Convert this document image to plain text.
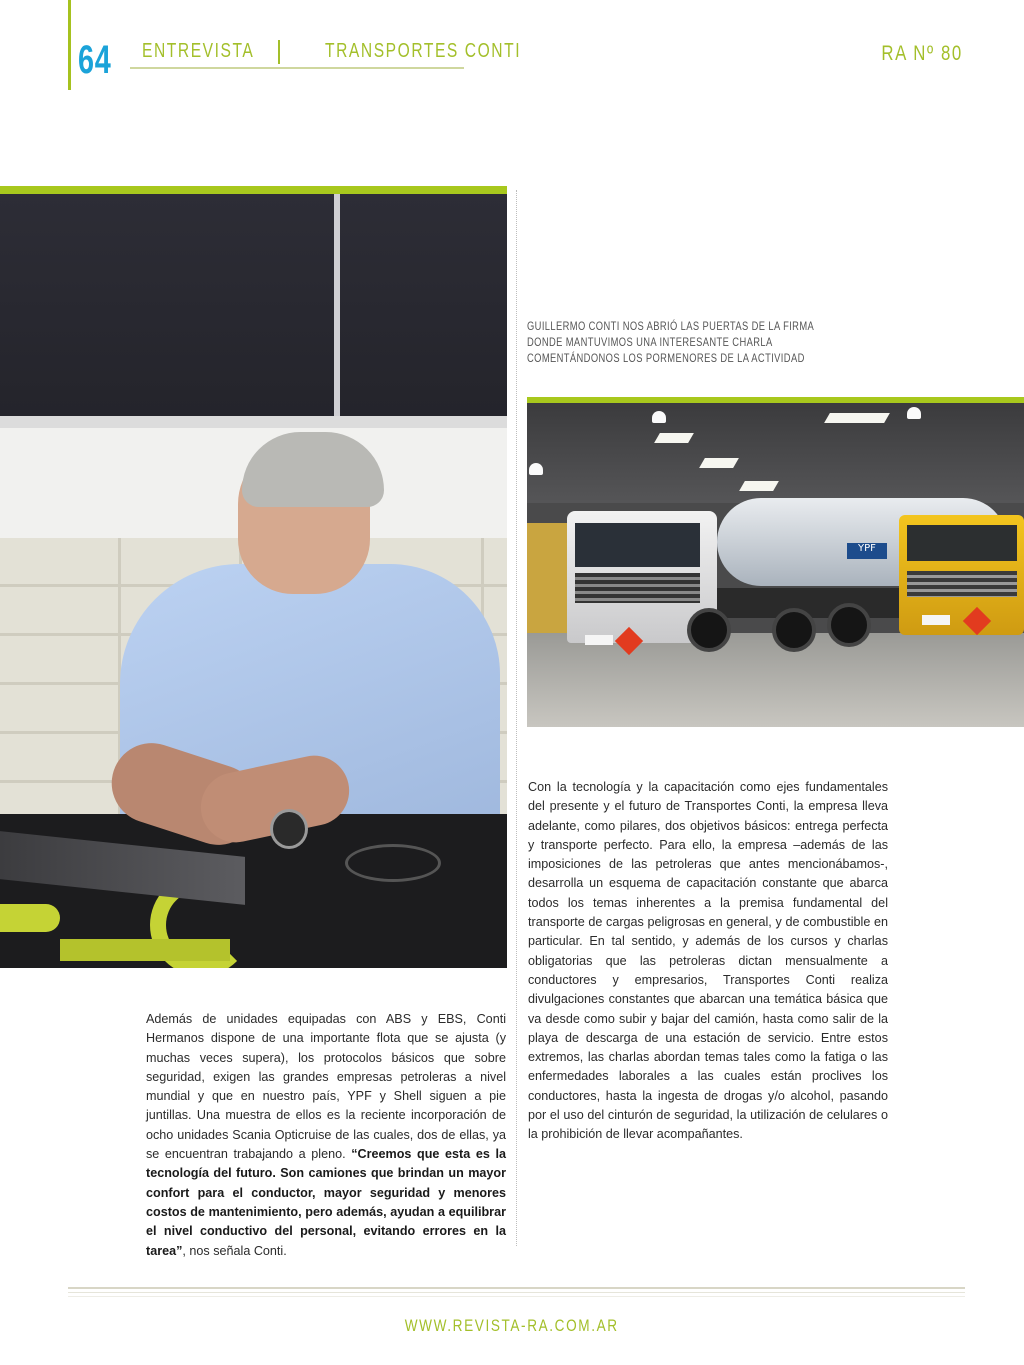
64 ENTREVISTA	TRANSPORTES CONTI	RA Nº 80
GUILLERMO CONTI NOS ABRIÓ LAS PUERTAS DE LA FIRMA
DONDE MANTUVIMOS UNA INTERESANTE CHARLA
COMENTÁNDONOS LOS PORMENORES DE LA ACTIVIDAD
YPF
Además de unidades equipadas con ABS y EBS, Conti Hermanos dispone de una importante flota que se ajusta (y muchas veces supera), los protocolos básicos que sobre seguridad, exigen las grandes empresas petroleras a nivel mundial y que en nuestro país, YPF y Shell siguen a pie juntillas. Una muestra de ellos es la reciente incorporación de ocho unidades Scania Opticruise de las cuales, dos de ellas, ya se encuentran trabajando a pleno. “Creemos que esta es la tecnología del futuro. Son camiones que brindan un mayor confort para el conductor, mayor seguridad y menores costos de mantenimiento, pero además, ayudan a equilibrar el nivel conductivo del personal, evitando errores en la tarea”, nos señala Conti.
Con la tecnología y la capacitación como ejes fundamentales del presente y el futuro de Transportes Conti, la empresa lleva adelante, como pilares, dos objetivos básicos: entrega perfecta y transporte perfecto. Para ello, la empresa –además de las imposiciones de las petroleras que antes mencionábamos-, desarrolla un esquema de capacitación constante que abarca todos los temas inherentes a la premisa fundamental del transporte de cargas peligrosas en general, y de combustible en particular. En tal sentido, y además de los cursos y charlas obligatorias que las petroleras dictan mensualmente a conductores y empresarios, Transportes Conti realiza divulgaciones constantes que abarcan una temática básica que va desde como subir y bajar del camión, hasta como salir de la playa de descarga de una estación de servicio. Entre estos extremos, las charlas abordan temas tales como la fatiga o las enfermedades laborales a las cuales están proclives los conductores, hasta la ingesta de drogas y/o alcohol, pasando por el uso del cinturón de seguridad, la utilización de celulares o la prohibición de llevar acompañantes.
WWW.REVISTA-RA.COM.AR
